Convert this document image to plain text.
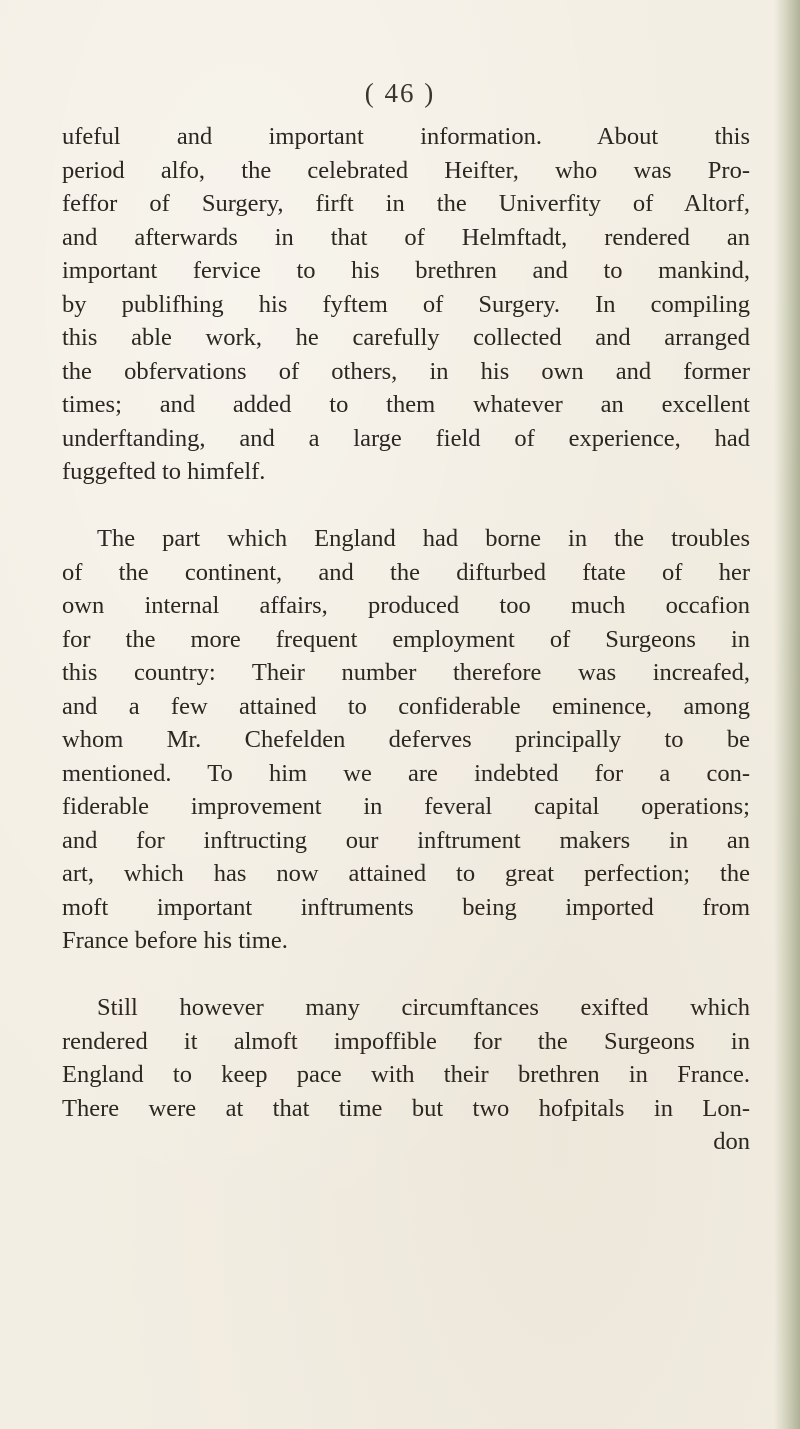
( 46 )
ufeful and important information. About this
period alfo, the celebrated Heifter, who was Pro-
feffor of Surgery, firft in the Univerfity of Altorf,
and afterwards in that of Helmftadt, rendered an
important fervice to his brethren and to mankind,
by publifhing his fyftem of Surgery. In compiling
this able work, he carefully collected and arranged
the obfervations of others, in his own and former
times; and added to them whatever an excellent
underftanding, and a large field of experience, had
fuggefted to himfelf.
The part which England had borne in the troubles
of the continent, and the difturbed ftate of her
own internal affairs, produced too much occafion
for the more frequent employment of Surgeons in
this country: Their number therefore was increafed,
and a few attained to confiderable eminence, among
whom Mr. Chefelden deferves principally to be
mentioned. To him we are indebted for a con-
fiderable improvement in feveral capital operations;
and for inftructing our inftrument makers in an
art, which has now attained to great perfection; the
moft important inftruments being imported from
France before his time.
Still however many circumftances exifted which
rendered it almoft impoffible for the Surgeons in
England to keep pace with their brethren in France.
There were at that time but two hofpitals in Lon-
don
